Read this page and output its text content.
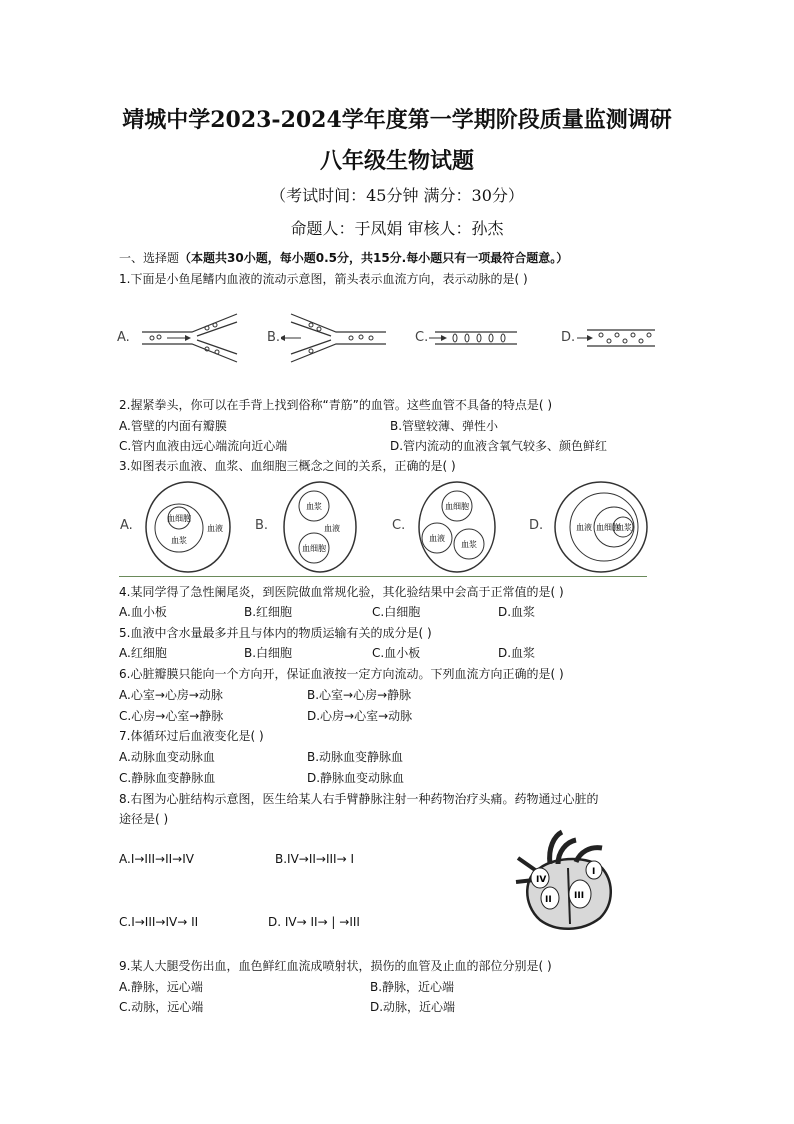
靖城中学2023-2024学年度第一学期阶段质量监测调研
八年级生物试题
（考试时间：45分钟 满分：30分）
命题人：于凤娟 审核人：孙杰
一、选择题（本题共30小题，每小题0.5分，共15分.每小题只有一项最符合题意。）
1.下面是小鱼尾鳍内血液的流动示意图，箭头表示血流方向，表示动脉的是( )
A.	B.	C.	D.
2.握紧拳头，你可以在手背上找到俗称“青筋”的血管。这些血管不具备的特点是( )
A.管壁的内面有瓣膜	B.管壁较薄、弹性小
C.管内血液由远心端流向近心端	D.管内流动的血液含氧气较多、颜色鲜红
3.如图表示血液、血浆、血细胞三概念之间的关系，正确的是( )
A.	血细胞
血浆
血液 B.
血浆
血液
血细胞
C.
血细胞
血液
血浆
D.	血液 血细胞
血浆
4.某同学得了急性阑尾炎，到医院做血常规化验，其化验结果中会高于正常值的是( )
A.血小板	B.红细胞	C.白细胞	D.血浆
5.血液中含水量最多并且与体内的物质运输有关的成分是( )
A.红细胞	B.白细胞	C.血小板	D.血浆
6.心脏瓣膜只能向一个方向开，保证血液按一定方向流动。下列血流方向正确的是( )
A.心室→心房→动脉	B.心室→心房→静脉
C.心房→心室→静脉	D.心房→心室→动脉
7.体循环过后血液变化是( )
A.动脉血变动脉血	B.动脉血变静脉血
C.静脉血变静脉血	D.静脉血变动脉血
8.右图为心脏结构示意图，医生给某人右手臂静脉注射一种药物治疗头痛。药物通过心脏的
途径是( )
A.I→III→II→IV	B.IV→II→III→ I
C.I→III→IV→ II	D. IV→ II→ | →III
IV
I
II III
9.某人大腿受伤出血，血色鲜红血流成喷射状，损伤的血管及止血的部位分别是( )
A.静脉，远心端	B.静脉，近心端
C.动脉，远心端	D.动脉，近心端
